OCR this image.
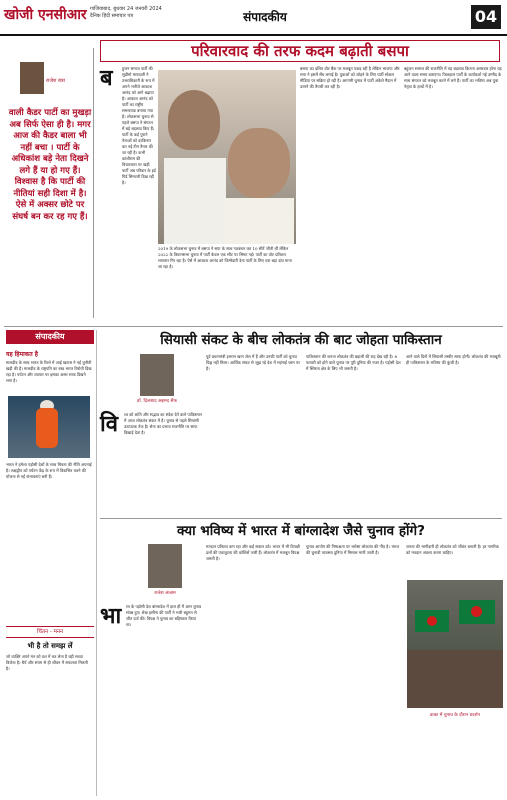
खोजी एनसीआर गाजियाबाद, बुधवार 24 जनवरी 2024
दैनिक हिंदी समाचार पत्र	संपादकीय	04
परिवारवाद की तरफ कदम बढ़ाती बसपा
राजेश बत्रा
वाली कैडर पार्टी का मुखड़ा अब सिर्फ ऐसा ही है। मगर आज की कैडर बाला भी नहीं बचा । पार्टी के अधिकांश बड़े नेता दिखने लगे हैं या हो गए हैं। विश्वास है कि पार्टी की नीतियां सही दिशा में है। ऐसे में अक्सर छोटे पर संघर्ष बन कर रह गए हैं।
ब हुजन समाज पार्टी की सुप्रीमो मायावती ने उत्तराधिकारी के रूप में अपने भतीजे आकाश आनंद को आगे बढ़ाया है। आकाश आनंद को पार्टी का राष्ट्रीय समन्वयक बनाया गया है। लोकसभा चुनाव से पहले बसपा ने संगठन में बड़े बदलाव किए हैं। पार्टी के कई पुराने नेताओं को दरकिनार कर नई टीम तैयार की जा रही है। कभी कांशीराम की विचारधारा पर खड़ी पार्टी अब परिवार के इर्द गिर्द सिमटती दिख रही है।
2019 के लोकसभा चुनाव में बसपा ने सपा के साथ गठबंधन कर 10 सीटें जीती थीं लेकिन 2022 के विधानसभा चुनाव में पार्टी केवल एक सीट पर सिमट गई। पार्टी का वोट प्रतिशत लगातार गिर रहा है। ऐसे में आकाश आनंद को जिम्मेदारी देना पार्टी के लिए एक बड़ा दांव माना जा रहा है।
बसपा का दलित वोट बैंक पर मजबूत पकड़ रही है लेकिन भाजपा और सपा ने इसमें सेंध लगाई है। युवाओं को जोड़ने के लिए पार्टी सोशल मीडिया पर सक्रिय हो रही है। आगामी चुनाव में पार्टी अकेले मैदान में उतरने की तैयारी कर रही है।
बहुजन समाज की राजनीति में यह बदलाव कितना असरदार होगा यह आने वाला समय बताएगा। फिलहाल पार्टी के कार्यकर्ता नई उम्मीद के साथ संगठन को मजबूत करने में लगे हैं। पार्टी का भविष्य अब युवा नेतृत्व के हाथों में है।
संपादकीय
यह हिमाकत है
मालदीव के साथ भारत के रिश्ते में आई खटास ने नई चुनौती खड़ी की है। मालदीव के राष्ट्रपति का रुख भारत विरोधी दिख रहा है। पर्यटन और व्यापार पर इसका असर साफ दिखने लगा है।
भारत ने हमेशा पड़ोसी देशों के साथ मित्रता की नीति अपनाई है। लक्षद्वीप को पर्यटन केंद्र के रूप में विकसित करने की योजना से नई संभावनाएं बनी हैं।
चिंतन - मनन
भी है तो समझ लें
जो व्यक्ति अपने मन को वश में कर लेता है वही सच्चा विजेता है। धैर्य और संयम से ही जीवन में सफलता मिलती है।
सियासी संकट के बीच लोकतंत्र की बाट जोहता पाकिस्तान
डॉ. दिलशाद अहमद सैफ
वि श्व को शांति और सद्भाव का संदेश देने वाले पाकिस्तान में आज लोकतंत्र संकट में है। चुनाव से पहले सियासी उठापटक तेज है। सेना का प्रभाव राजनीति पर साफ दिखाई देता है।
पूर्व प्रधानमंत्री इमरान खान जेल में हैं और उनकी पार्टी को चुनाव चिह्न नहीं मिला। आर्थिक संकट से जूझ रहे देश में महंगाई चरम पर है।
पाकिस्तान की जनता लोकतंत्र की बहाली की राह देख रही है। 8 फरवरी को होने वाले चुनाव पर पूरी दुनिया की नजर है। पड़ोसी देश में स्थिरता क्षेत्र के लिए भी जरूरी है।
आने वाले दिनों में सियासी तस्वीर साफ होगी। लोकतंत्र की मजबूती ही पाकिस्तान के भविष्य की कुंजी है।
क्या भविष्य में भारत में बांग्लादेश जैसे चुनाव होंगे?
राजेश अंजाम
भा रत के पड़ोसी देश बांग्लादेश में हाल ही में आम चुनाव संपन्न हुए। शेख हसीना की पार्टी ने भारी बहुमत से जीत दर्ज की। विपक्ष ने चुनाव का बहिष्कार किया था।
मतदान प्रतिशत कम रहा और कई सवाल उठे। भारत में भी विपक्षी दलों की एकजुटता की कोशिशें जारी हैं। लोकतंत्र में मजबूत विपक्ष जरूरी है।
चुनाव आयोग की निष्पक्षता पर भरोसा लोकतंत्र की नींव है। भारत की चुनावी व्यवस्था दुनिया में मिसाल मानी जाती है।
जनता की भागीदारी ही लोकतंत्र को जीवंत बनाती है। हर नागरिक को मतदान अवश्य करना चाहिए।
ढाका में चुनाव के दौरान प्रदर्शन
